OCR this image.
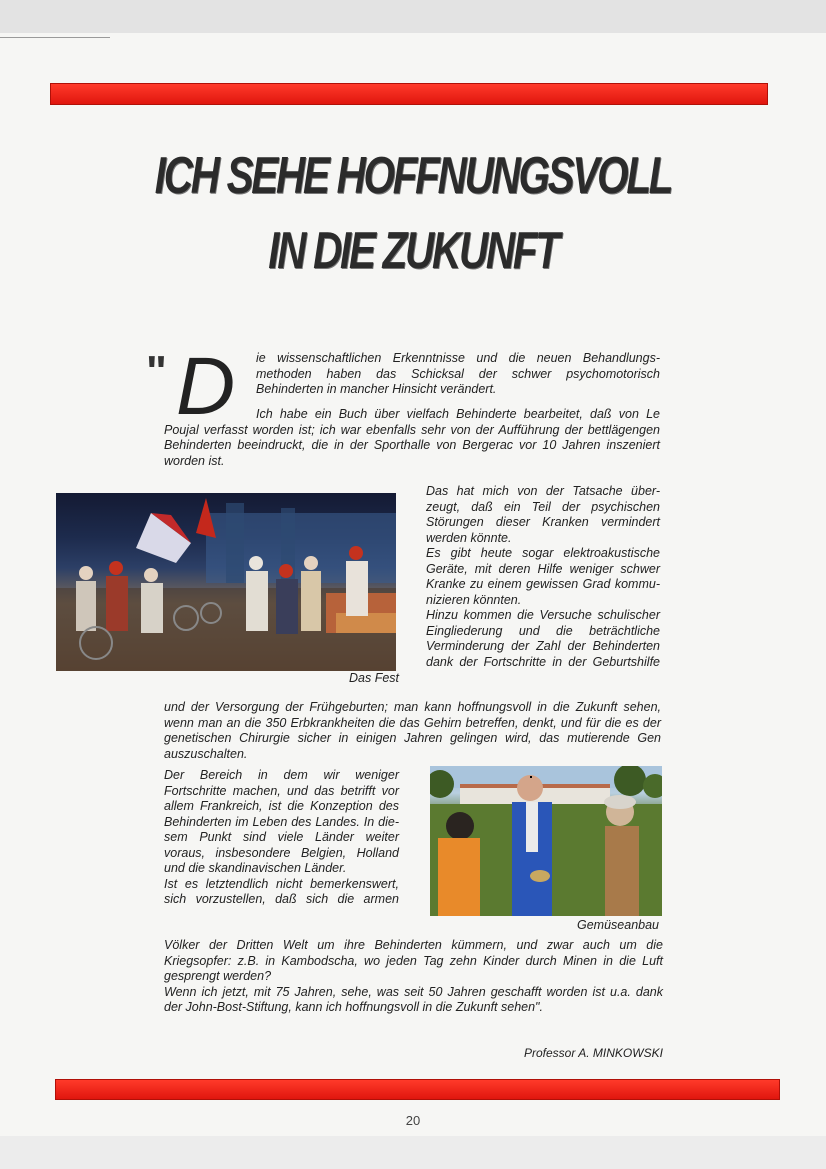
ICH SEHE HOFFNUNGSVOLL
IN DIE ZUKUNFT
" D ie wissenschaftlichen Erkenntnisse und die neuen Behandlungs-
methoden haben das Schicksal der schwer psychomotorisch
Behinderten in mancher Hinsicht verändert.
Ich habe ein Buch über vielfach Behinderte bearbeitet, daß von Le
Poujal verfasst worden ist; ich war ebenfalls sehr von der Aufführung der bettlägengen
Behinderten beeindruckt, die in der Sporthalle von Bergerac vor 10 Jahren inszeniert
worden ist.
Das Fest
Das hat mich von der Tatsache über-
zeugt, daß ein Teil der psychischen
Störungen dieser Kranken vermindert
werden könnte.
Es gibt heute sogar elektroakustische
Geräte, mit deren Hilfe weniger schwer
Kranke zu einem gewissen Grad kommu-
nizieren könnten.
Hinzu kommen die Versuche schulischer
Eingliederung und die beträchtliche
Verminderung der Zahl der Behinderten
dank der Fortschritte in der Geburtshilfe
und der Versorgung der Frühgeburten; man kann hoffnungsvoll in die Zukunft sehen,
wenn man an die 350 Erbkrankheiten die das Gehirn betreffen, denkt, und für die es der
genetischen Chirurgie sicher in einigen Jahren gelingen wird, das mutierende Gen
auszuschalten.
Der Bereich in dem wir weniger
Fortschritte machen, und das betrifft vor
allem Frankreich, ist die Konzeption des
Behinderten im Leben des Landes. In die-
sem Punkt sind viele Länder weiter
voraus, insbesondere Belgien, Holland
und die skandinavischen Länder.
Ist es letztendlich nicht bemerkenswert,
sich vorzustellen, daß sich die armen
Gemüseanbau
Völker der Dritten Welt um ihre Behinderten kümmern, und zwar auch um die
Kriegsopfer: z.B. in Kambodscha, wo jeden Tag zehn Kinder durch Minen in die Luft
gesprengt werden?
Wenn ich jetzt, mit 75 Jahren, sehe, was seit 50 Jahren geschafft worden ist u.a. dank
der John-Bost-Stiftung, kann ich hoffnungsvoll in die Zukunft sehen".
Professor A. MINKOWSKI
20
